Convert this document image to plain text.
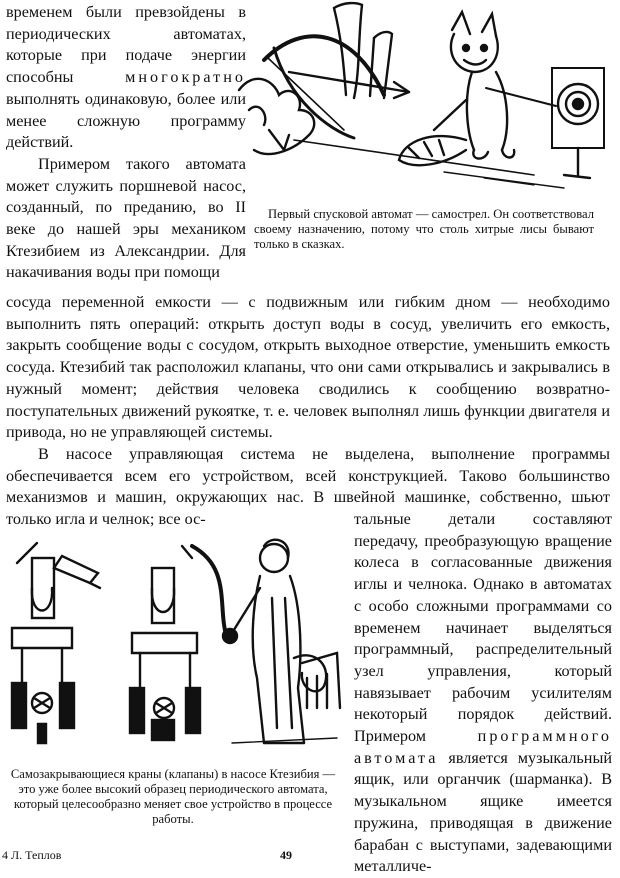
временем были превзойдены в периодических автоматах, которые при подаче энергии способны	многократно выполнять одинаковую, более или менее сложную программу действий.

Примером такого автомата может служить поршневой насос, созданный, по преданию, во II веке до нашей эры механиком Ктезибием из Александрии. Для накачивания воды при помощи

Первый спусковой автомат — самострел. Он соответствовал своему назначению, потому что столь хитрые лисы бывают только в сказках.

сосуда переменной емкости — с подвижным или гибким дном — необходимо выполнить пять операций: открыть доступ воды в сосуд, увеличить его емкость, закрыть сообщение воды с сосудом, открыть выходное отверстие, уменьшить емкость сосуда. Ктезибий так расположил клапаны, что они сами открывались и закрывались в нужный момент; действия человека сводились к сообщению возвратно-поступательных движений рукоятке, т. е. человек выполнял лишь функции двигателя и привода, но не управляющей системы.

В насосе управляющая система не выделена, выполнение программы обеспечивается всем его устройством, всей конструкцией. Таково большинство механизмов и машин, окружающих нас. В швейной машинке, собственно, шьют только игла и челнок; все ос-	тальные детали составляют передачу, преобразующую вращение колеса в согласованные движения иглы и челнока. Однако в автоматах с особо сложными программами со временем начинает выделяться программный, распределительный узел управления, который навязывает рабочим усилителям некоторый порядок действий. Примером	программного автомата является музыкальный ящик, или органчик (шарманка). В музыкальном ящике имеется пружина, приводящая в движение барабан с выступами, задевающими металличе-

Самозакрывающиеся краны (клапаны) в насосе Ктезибия — это уже более высокий образец периодического автомата, который целесообразно меняет свое устройство в процессе работы.
4 Л. Теплов	49
